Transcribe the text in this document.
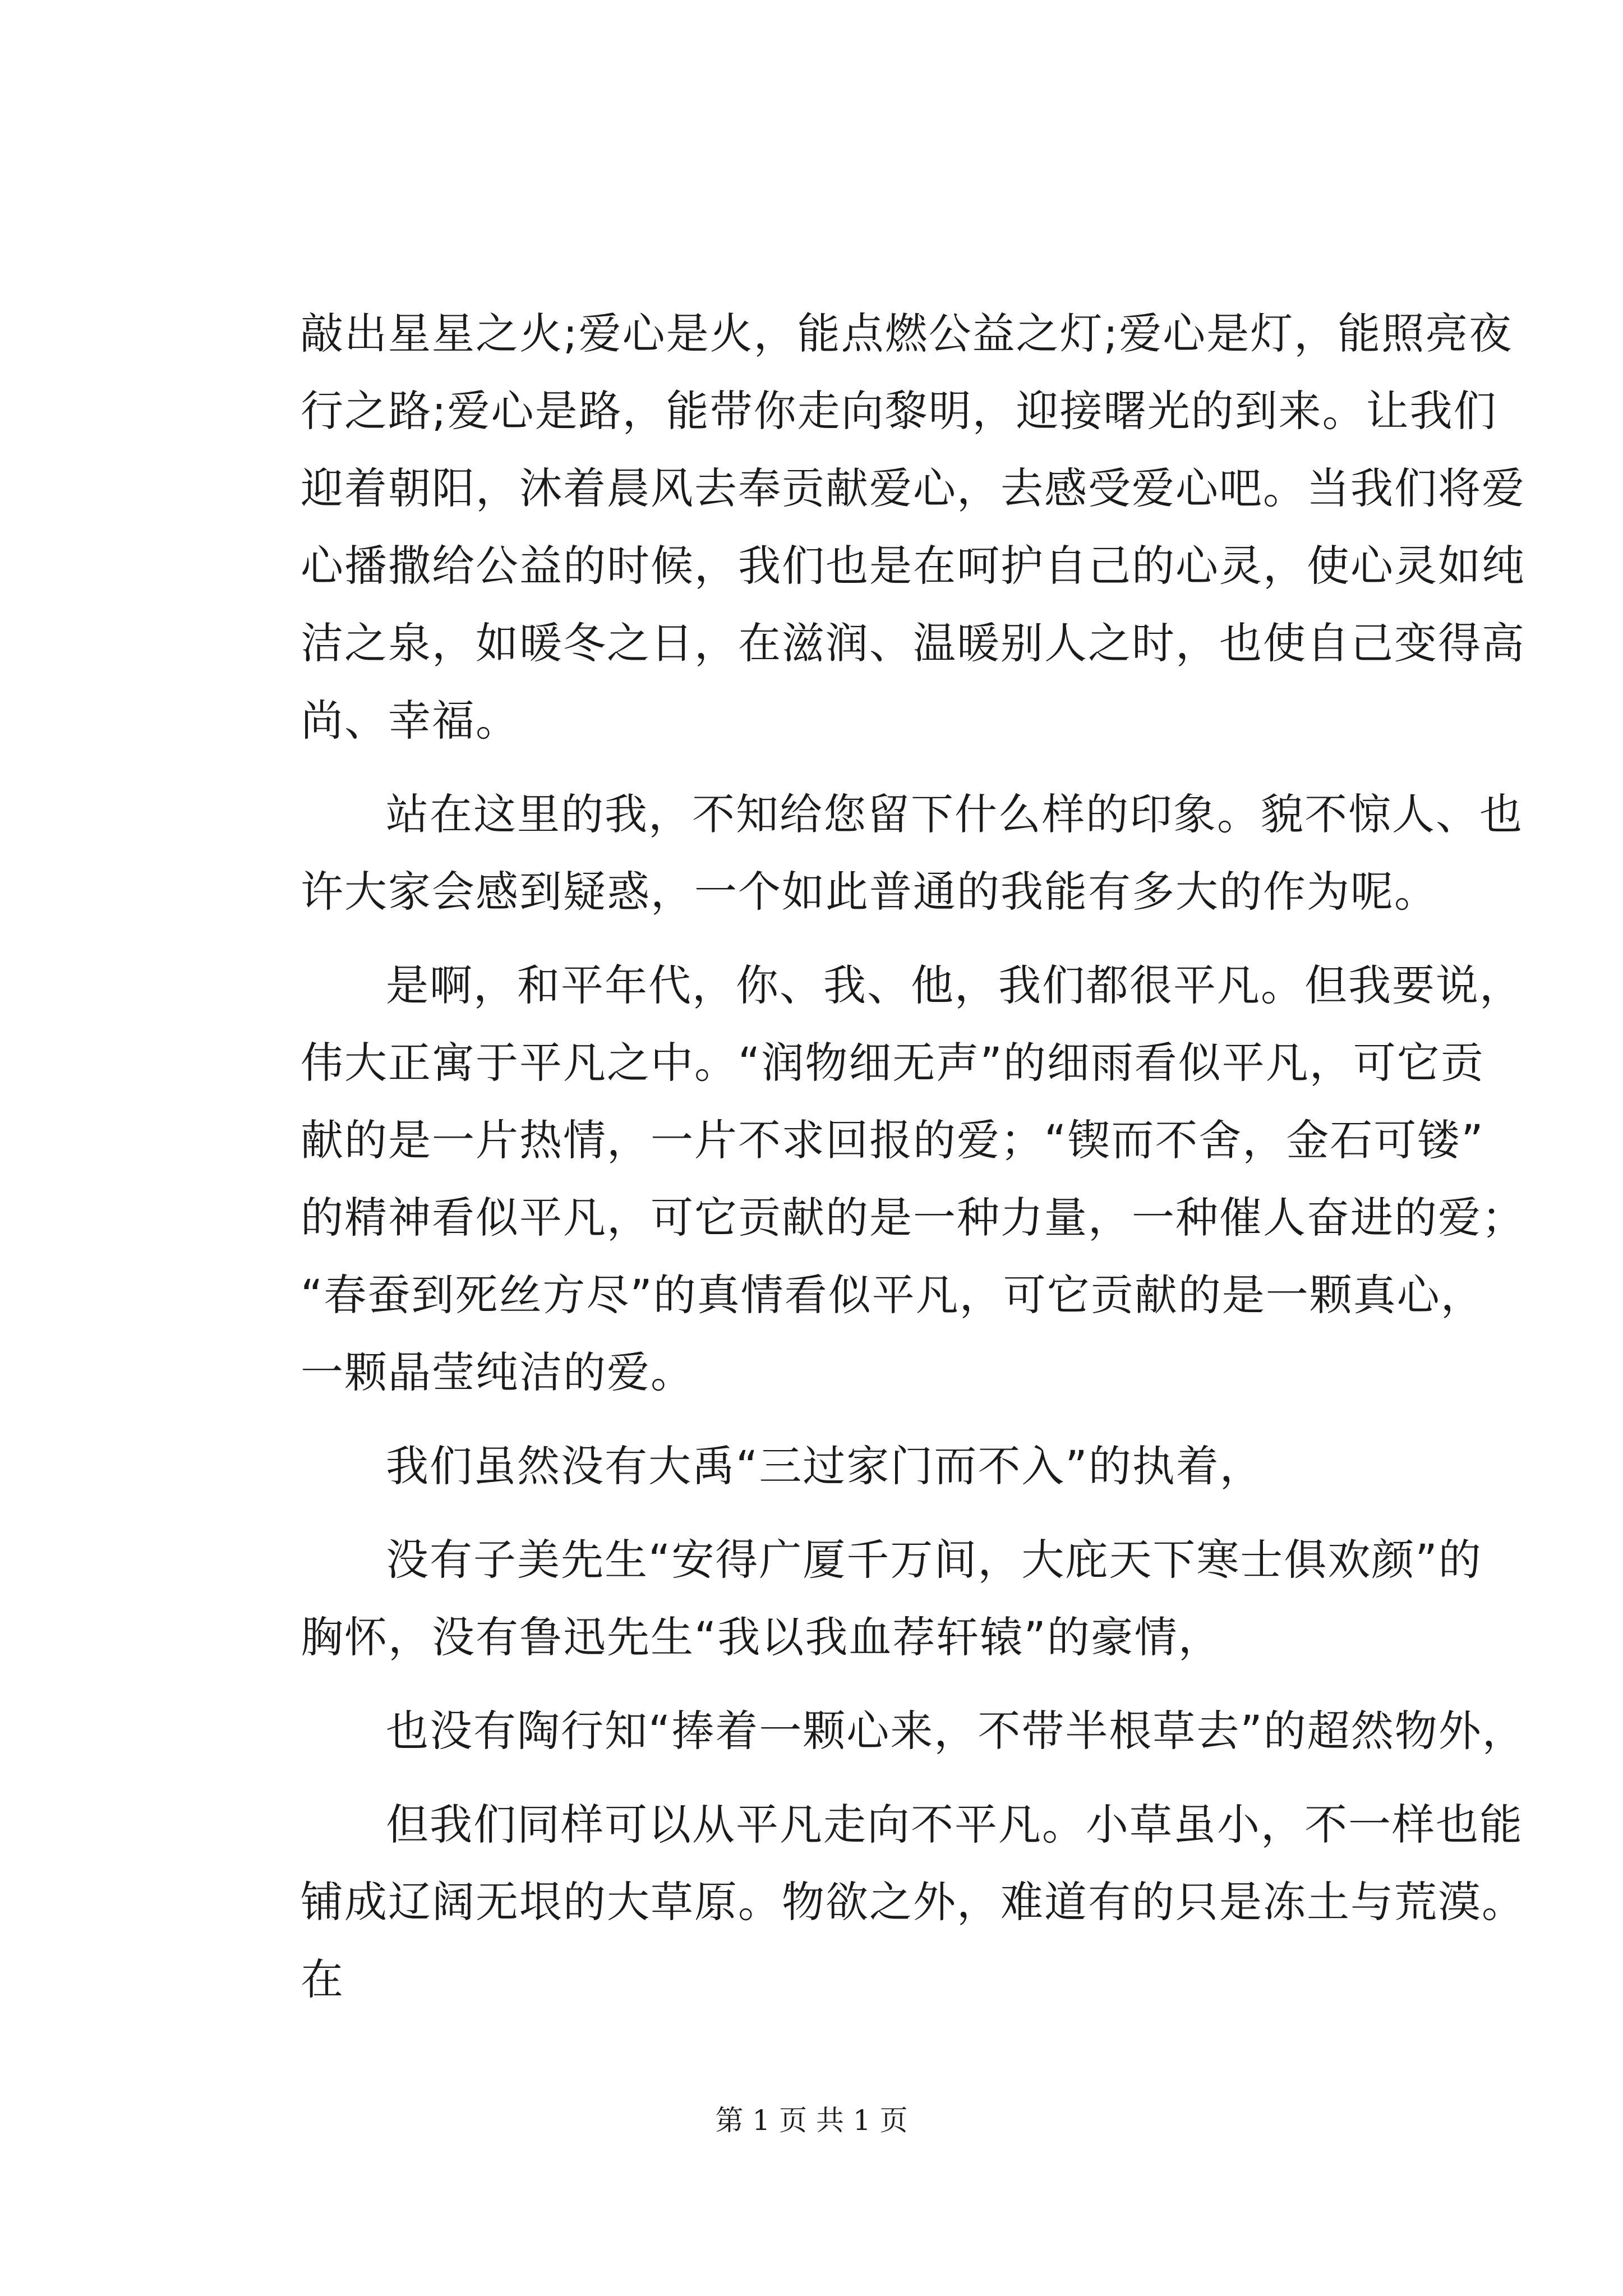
敲出星星之火;爱心是火，能点燃公益之灯;爱心是灯，能照亮夜
行之路;爱心是路，能带你走向黎明，迎接曙光的到来。让我们
迎着朝阳，沐着晨风去奉贡献爱心，去感受爱心吧。当我们将爱
心播撒给公益的时候，我们也是在呵护自己的心灵，使心灵如纯
洁之泉，如暖冬之日，在滋润、温暖别人之时，也使自己变得高
尚、幸福。
站在这里的我，不知给您留下什么样的印象。貌不惊人、也
许大家会感到疑惑，一个如此普通的我能有多大的作为呢。
是啊，和平年代，你、我、他，我们都很平凡。但我要说，
伟大正寓于平凡之中。“润物细无声”的细雨看似平凡，可它贡
献的是一片热情，一片不求回报的爱；“锲而不舍，金石可镂”
的精神看似平凡，可它贡献的是一种力量，一种催人奋进的爱；
“春蚕到死丝方尽”的真情看似平凡，可它贡献的是一颗真心，
一颗晶莹纯洁的爱。
我们虽然没有大禹“三过家门而不入”的执着，
没有子美先生“安得广厦千万间，大庇天下寒士俱欢颜”的
胸怀，没有鲁迅先生“我以我血荐轩辕”的豪情，
也没有陶行知“捧着一颗心来，不带半根草去”的超然物外，
但我们同样可以从平凡走向不平凡。小草虽小，不一样也能
铺成辽阔无垠的大草原。物欲之外，难道有的只是冻土与荒漠。
在
第 1 页 共 1 页
